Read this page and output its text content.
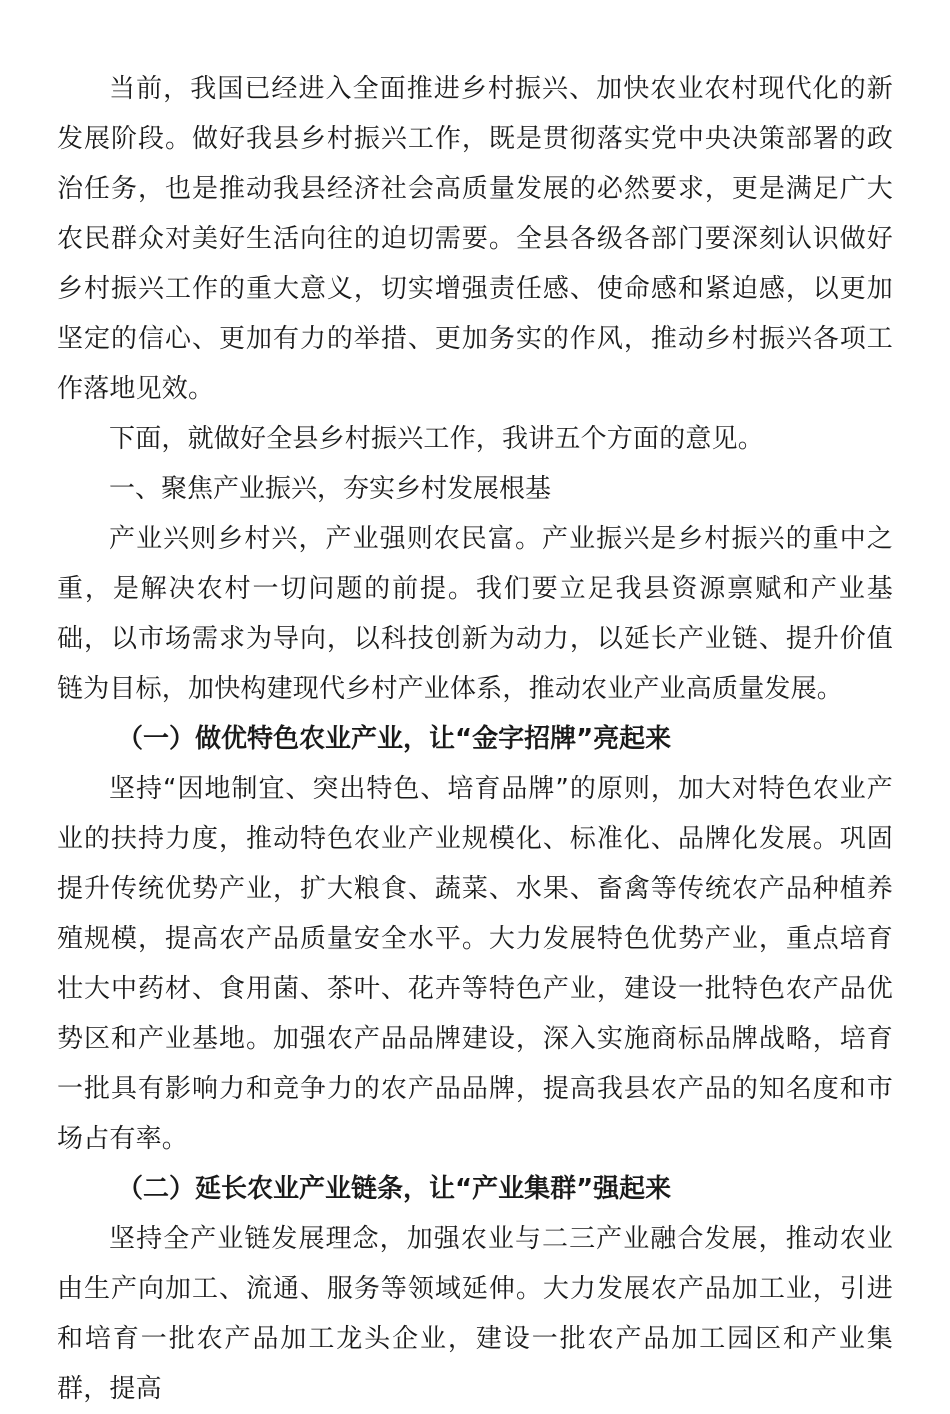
当前，我国已经进入全面推进乡村振兴、加快农业农村现代化的新发展阶段。做好我县乡村振兴工作，既是贯彻落实党中央决策部署的政治任务，也是推动我县经济社会高质量发展的必然要求，更是满足广大农民群众对美好生活向往的迫切需要。全县各级各部门要深刻认识做好乡村振兴工作的重大意义，切实增强责任感、使命感和紧迫感，以更加坚定的信心、更加有力的举措、更加务实的作风，推动乡村振兴各项工作落地见效。

下面，就做好全县乡村振兴工作，我讲五个方面的意见。

一、聚焦产业振兴，夯实乡村发展根基

产业兴则乡村兴，产业强则农民富。产业振兴是乡村振兴的重中之重，是解决农村一切问题的前提。我们要立足我县资源禀赋和产业基础，以市场需求为导向，以科技创新为动力，以延长产业链、提升价值链为目标，加快构建现代乡村产业体系，推动农业产业高质量发展。

（一）做优特色农业产业，让“金字招牌”亮起来

坚持“因地制宜、突出特色、培育品牌”的原则，加大对特色农业产业的扶持力度，推动特色农业产业规模化、标准化、品牌化发展。巩固提升传统优势产业，扩大粮食、蔬菜、水果、畜禽等传统农产品种植养殖规模，提高农产品质量安全水平。大力发展特色优势产业，重点培育壮大中药材、食用菌、茶叶、花卉等特色产业，建设一批特色农产品优势区和产业基地。加强农产品品牌建设，深入实施商标品牌战略，培育一批具有影响力和竞争力的农产品品牌，提高我县农产品的知名度和市场占有率。

（二）延长农业产业链条，让“产业集群”强起来

坚持全产业链发展理念，加强农业与二三产业融合发展，推动农业由生产向加工、流通、服务等领域延伸。大力发展农产品加工业，引进和培育一批农产品加工龙头企业，建设一批农产品加工园区和产业集群，提高
